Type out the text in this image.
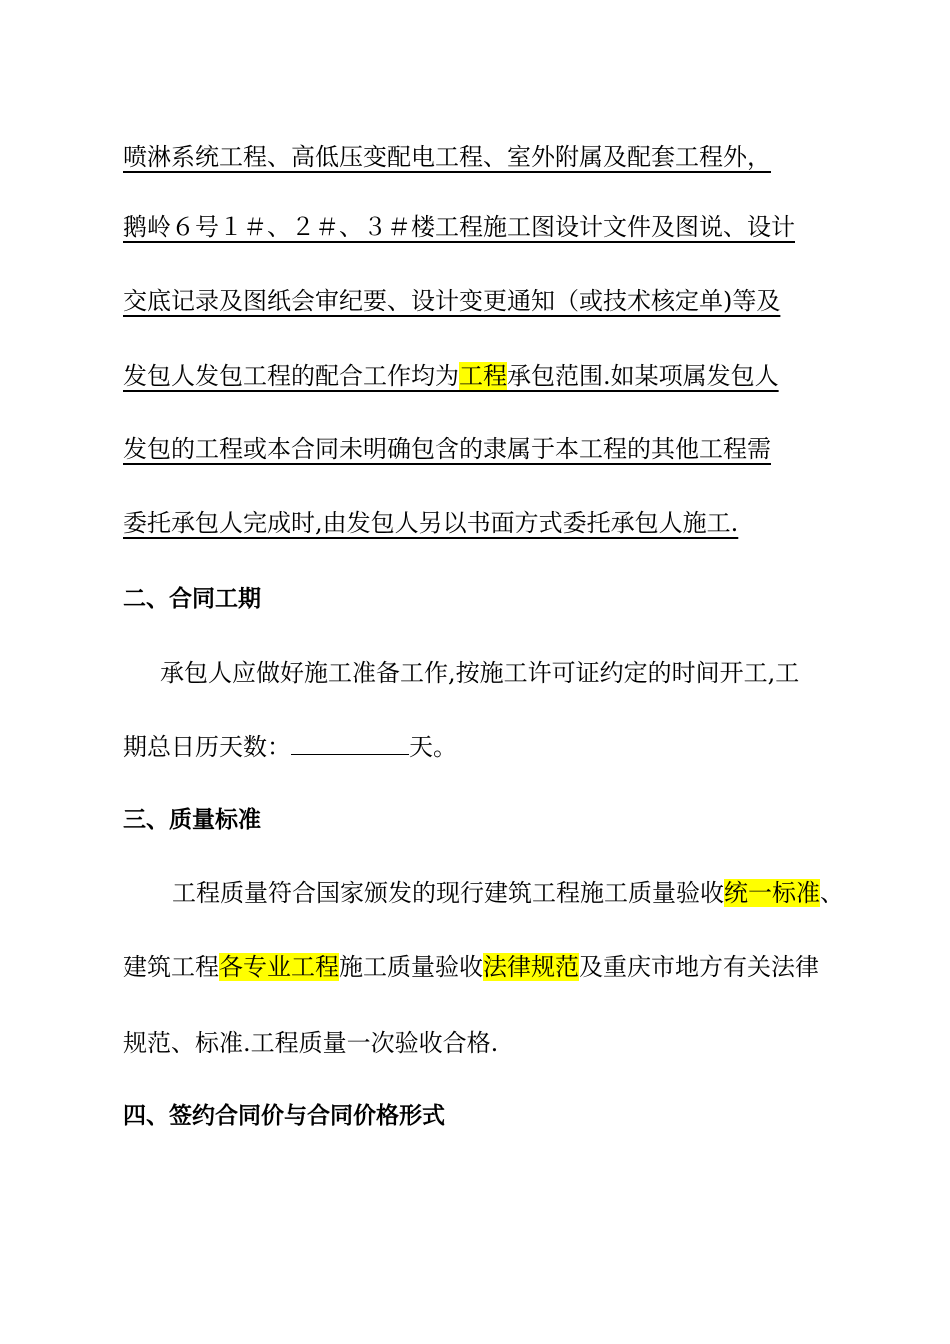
喷淋系统工程、高低压变配电工程、室外附属及配套工程外，
鹅岭６号１＃、２＃、３＃楼工程施工图设计文件及图说、设计
交底记录及图纸会审纪要、设计变更通知（或技术核定单)等及
发包人发包工程的配合工作均为工程承包范围.如某项属发包人
发包的工程或本合同未明确包含的隶属于本工程的其他工程需
委托承包人完成时,由发包人另以书面方式委托承包人施工.
二、合同工期
承包人应做好施工准备工作,按施工许可证约定的时间开工,工
期总日历天数：	天。
三、质量标准
工程质量符合国家颁发的现行建筑工程施工质量验收统一标准、
建筑工程各专业工程施工质量验收法律规范及重庆市地方有关法律
规范、标准.工程质量一次验收合格.
四、签约合同价与合同价格形式
